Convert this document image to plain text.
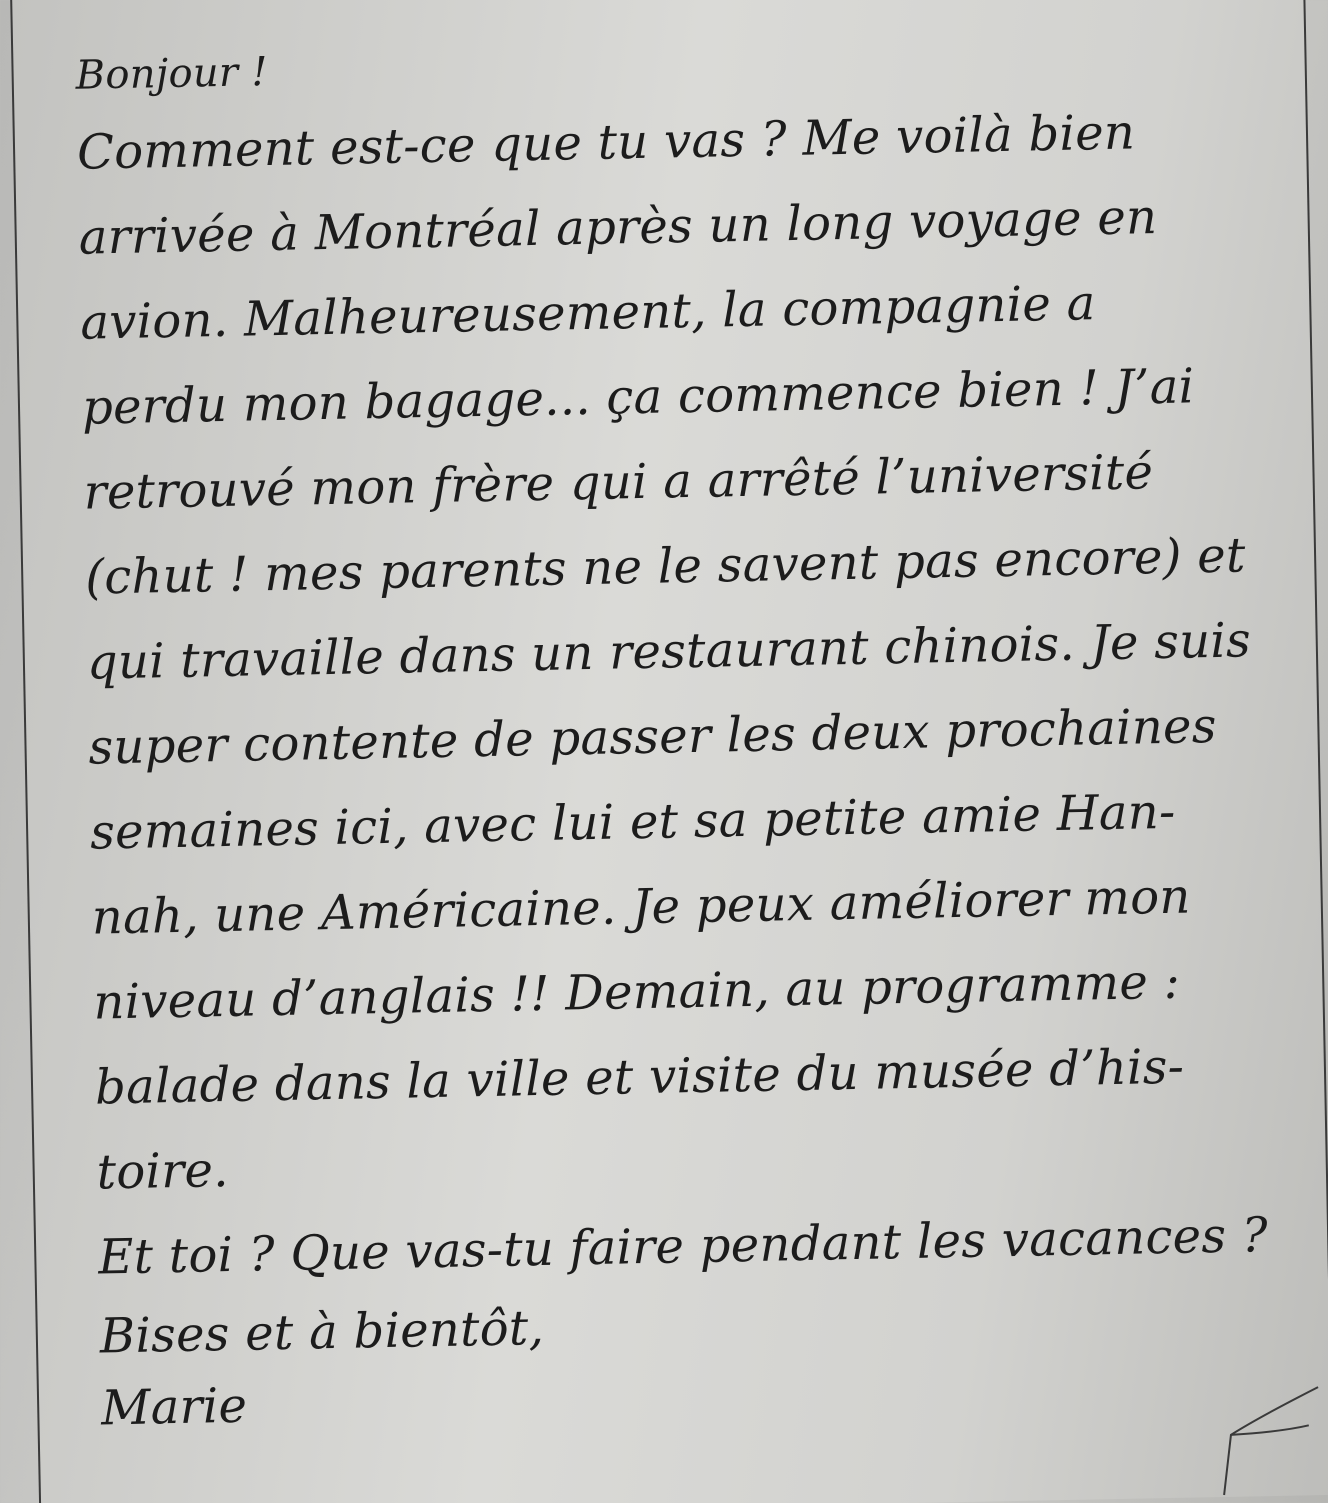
Bonjour !
Comment est-ce que tu vas ? Me voilà bien
arrivée à Montréal après un long voyage en
avion. Malheureusement, la compagnie a
perdu mon bagage... ça commence bien ! J’ai
retrouvé mon frère qui a arrêté l’université
(chut ! mes parents ne le savent pas encore) et
qui travaille dans un restaurant chinois. Je suis
super contente de passer les deux prochaines
semaines ici, avec lui et sa petite amie Han-
nah, une Américaine. Je peux améliorer mon
niveau d’anglais !! Demain, au programme :
balade dans la ville et visite du musée d’his-
toire.
Et toi ? Que vas-tu faire pendant les vacances ?
Bises et à bientôt,
Marie
